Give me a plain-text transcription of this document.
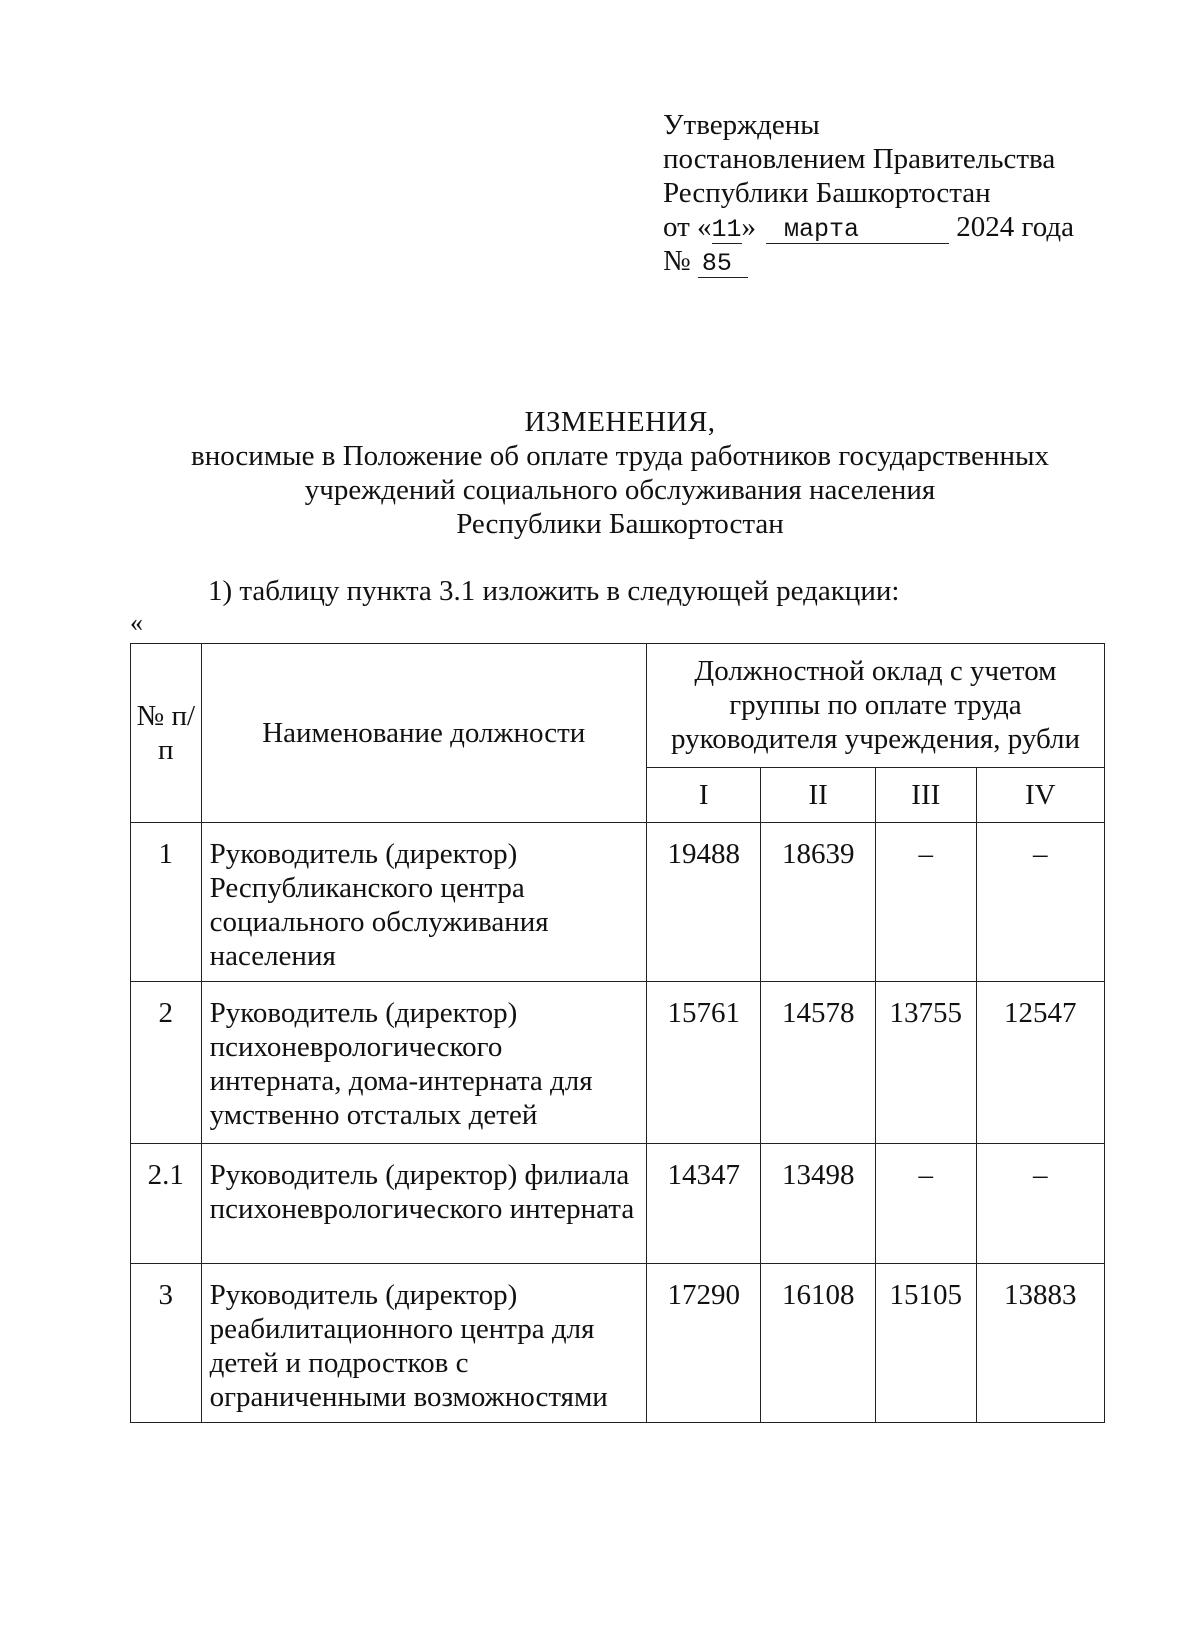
Утверждены
постановлением Правительства
Республики Башкортостан
от «11» марта	2024 года
№ 85
ИЗМЕНЕНИЯ,
вносимые в Положение об оплате труда работников государственных
учреждений социального обслуживания населения
Республики Башкортостан
1) таблицу пункта 3.1 изложить в следующей редакции:
«
№ п/п	Наименование должности	Должностной оклад с учетом группы по оплате труда руководителя учреждения, рубли			
		I	II	III	IV
1	Руководитель (директор) Республиканского центра социального обслуживания населения	19488	18639	–	–
2	Руководитель (директор) психоневрологического интерната, дома-интерната для умственно отсталых детей	15761	14578	13755	12547
2.1	Руководитель (директор) филиала психоневрологического интерната	14347	13498	–	–
3	Руководитель (директор) реабилитационного центра для детей и подростков с ограниченными возможностями	17290	16108	15105	13883
